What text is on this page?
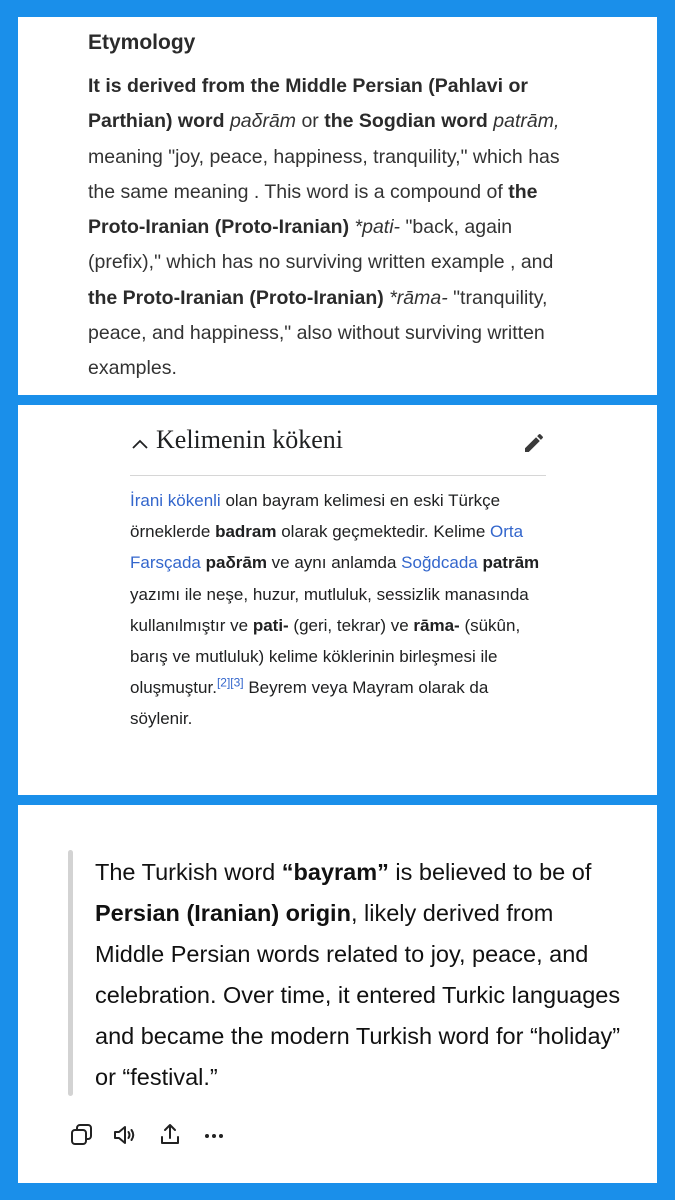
Etymology
It is derived from the Middle Persian (Pahlavi or Parthian) word paδrām or the Sogdian word patrām, meaning "joy, peace, happiness, tranquility," which has the same meaning . This word is a compound of the Proto-Iranian (Proto-Iranian) *pati- "back, again (prefix)," which has no surviving written example , and the Proto-Iranian (Proto-Iranian) *rāma- "tranquility, peace, and happiness," also without surviving written examples.
Kelimenin kökeni
İrani kökenli olan bayram kelimesi en eski Türkçe örneklerde badram olarak geçmektedir. Kelime Orta Farsçada paδrām ve aynı anlamda Soğdcada patrām yazımı ile neşe, huzur, mutluluk, sessizlik manasında kullanılmıştır ve pati- (geri, tekrar) ve rāma- (sükûn, barış ve mutluluk) kelime köklerinin birleşmesi ile oluşmuştur.[2][3] Beyrem veya Mayram olarak da söylenir.
The Turkish word “bayram” is believed to be of Persian (Iranian) origin, likely derived from Middle Persian words related to joy, peace, and celebration. Over time, it entered Turkic languages and became the modern Turkish word for “holiday” or “festival.”
